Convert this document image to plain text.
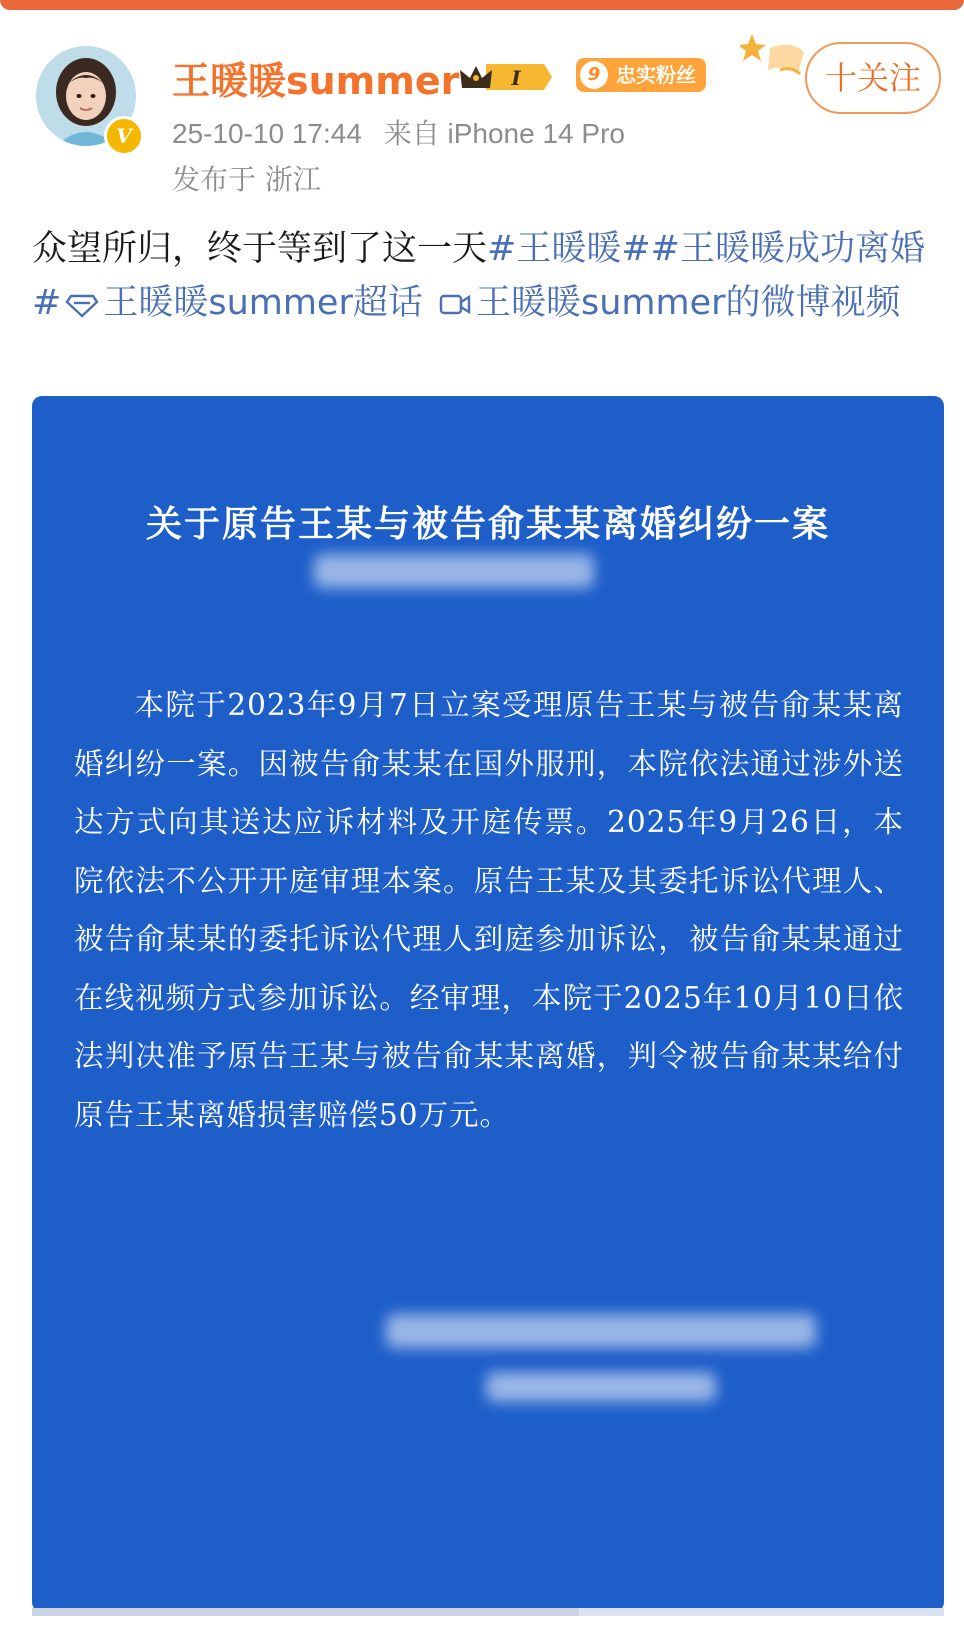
V
王暖暖summer	I	9 忠实粉丝	十关注
25-10-10 17:44 来自 iPhone 14 Pro
发布于 浙江
众望所归，终于等到了这一天#王暖暖##王暖暖成功离婚# 王暖暖summer超话 王暖暖summer的微博视频
关于原告王某与被告俞某某离婚纠纷一案
本院于2023年9月7日立案受理原告王某与被告俞某某离婚纠纷一案。因被告俞某某在国外服刑，本院依法通过涉外送达方式向其送达应诉材料及开庭传票。2025年9月26日，本院依法不公开开庭审理本案。原告王某及其委托诉讼代理人、被告俞某某的委托诉讼代理人到庭参加诉讼，被告俞某某通过在线视频方式参加诉讼。经审理，本院于2025年10月10日依法判决准予原告王某与被告俞某某离婚，判令被告俞某某给付原告王某离婚损害赔偿50万元。
